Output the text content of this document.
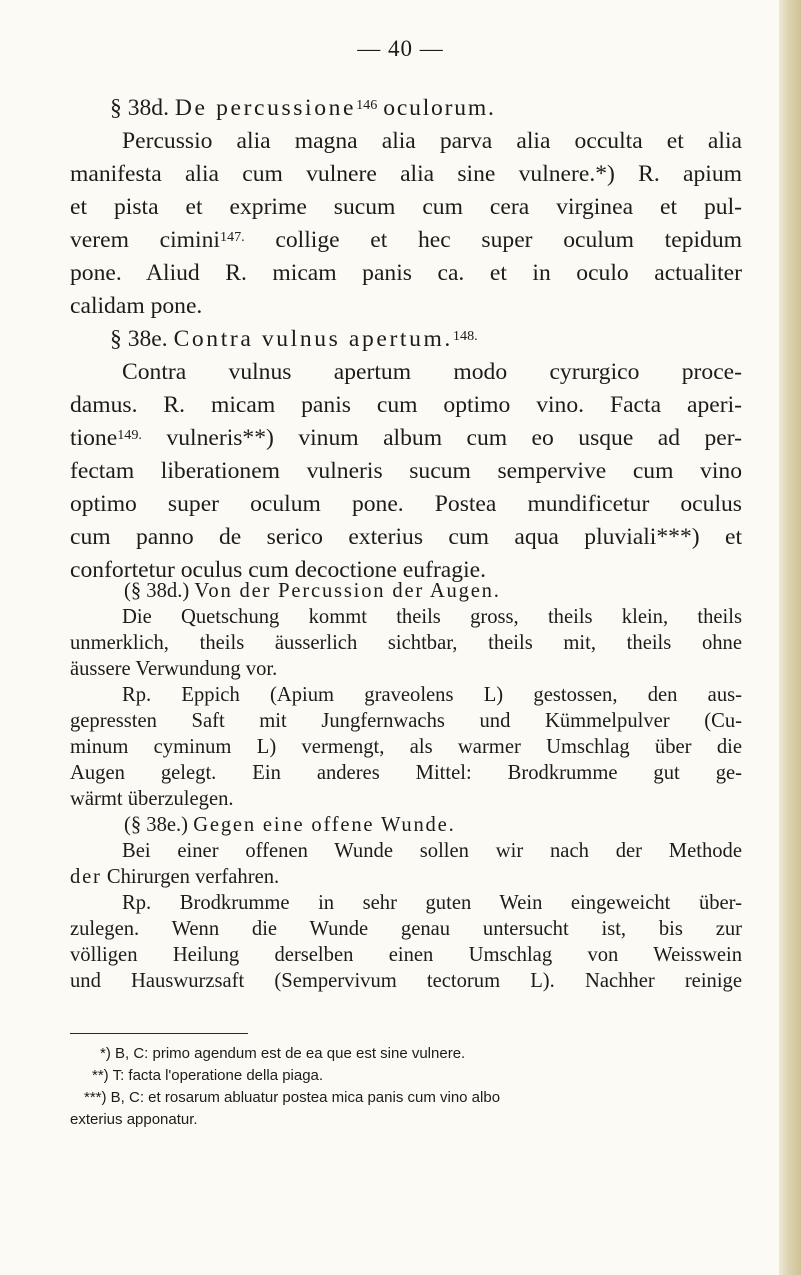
— 40 —
§ 38d. De percussione$^{146}$ oculorum.
Percussio alia magna alia parva alia occulta et alia
manifesta alia cum vulnere alia sine vulnere.*) R. apium
et pista et exprime sucum cum cera virginea et pul-
verem cimini$^{147.}$ collige et hec super oculum tepidum
pone. Aliud R. micam panis ca. et in oculo actualiter
calidam pone.
§ 38e. Contra vulnus apertum.$^{148.}$
Contra vulnus apertum modo cyrurgico proce-
damus. R. micam panis cum optimo vino. Facta aperi-
tione$^{149.}$ vulneris**) vinum album cum eo usque ad per-
fectam liberationem vulneris sucum sempervive cum vino
optimo super oculum pone. Postea mundificetur oculus
cum panno de serico exterius cum aqua pluviali***) et
confortetur oculus cum decoctione eufragie.
(§ 38d.) Von der Percussion der Augen.
Die Quetschung kommt theils gross, theils klein, theils
unmerklich, theils äusserlich sichtbar, theils mit, theils ohne
äussere Verwundung vor.
Rp. Eppich (Apium graveolens L) gestossen, den aus-
gepressten Saft mit Jungfernwachs und Kümmelpulver (Cu-
minum cyminum L) vermengt, als warmer Umschlag über die
Augen gelegt. Ein anderes Mittel: Brodkrumme gut ge-
wärmt überzulegen.
(§ 38e.) Gegen eine offene Wunde.
Bei einer offenen Wunde sollen wir nach der Methode
der Chirurgen verfahren.
Rp. Brodkrumme in sehr guten Wein eingeweicht über-
zulegen. Wenn die Wunde genau untersucht ist, bis zur
völligen Heilung derselben einen Umschlag von Weisswein
und Hauswurzsaft (Sempervivum tectorum L). Nachher reinige
*) B, C: primo agendum est de ea que est sine vulnere.
**) T: facta l'operatione della piaga.
***) B, C: et rosarum abluatur postea mica panis cum vino albo
exterius apponatur.
